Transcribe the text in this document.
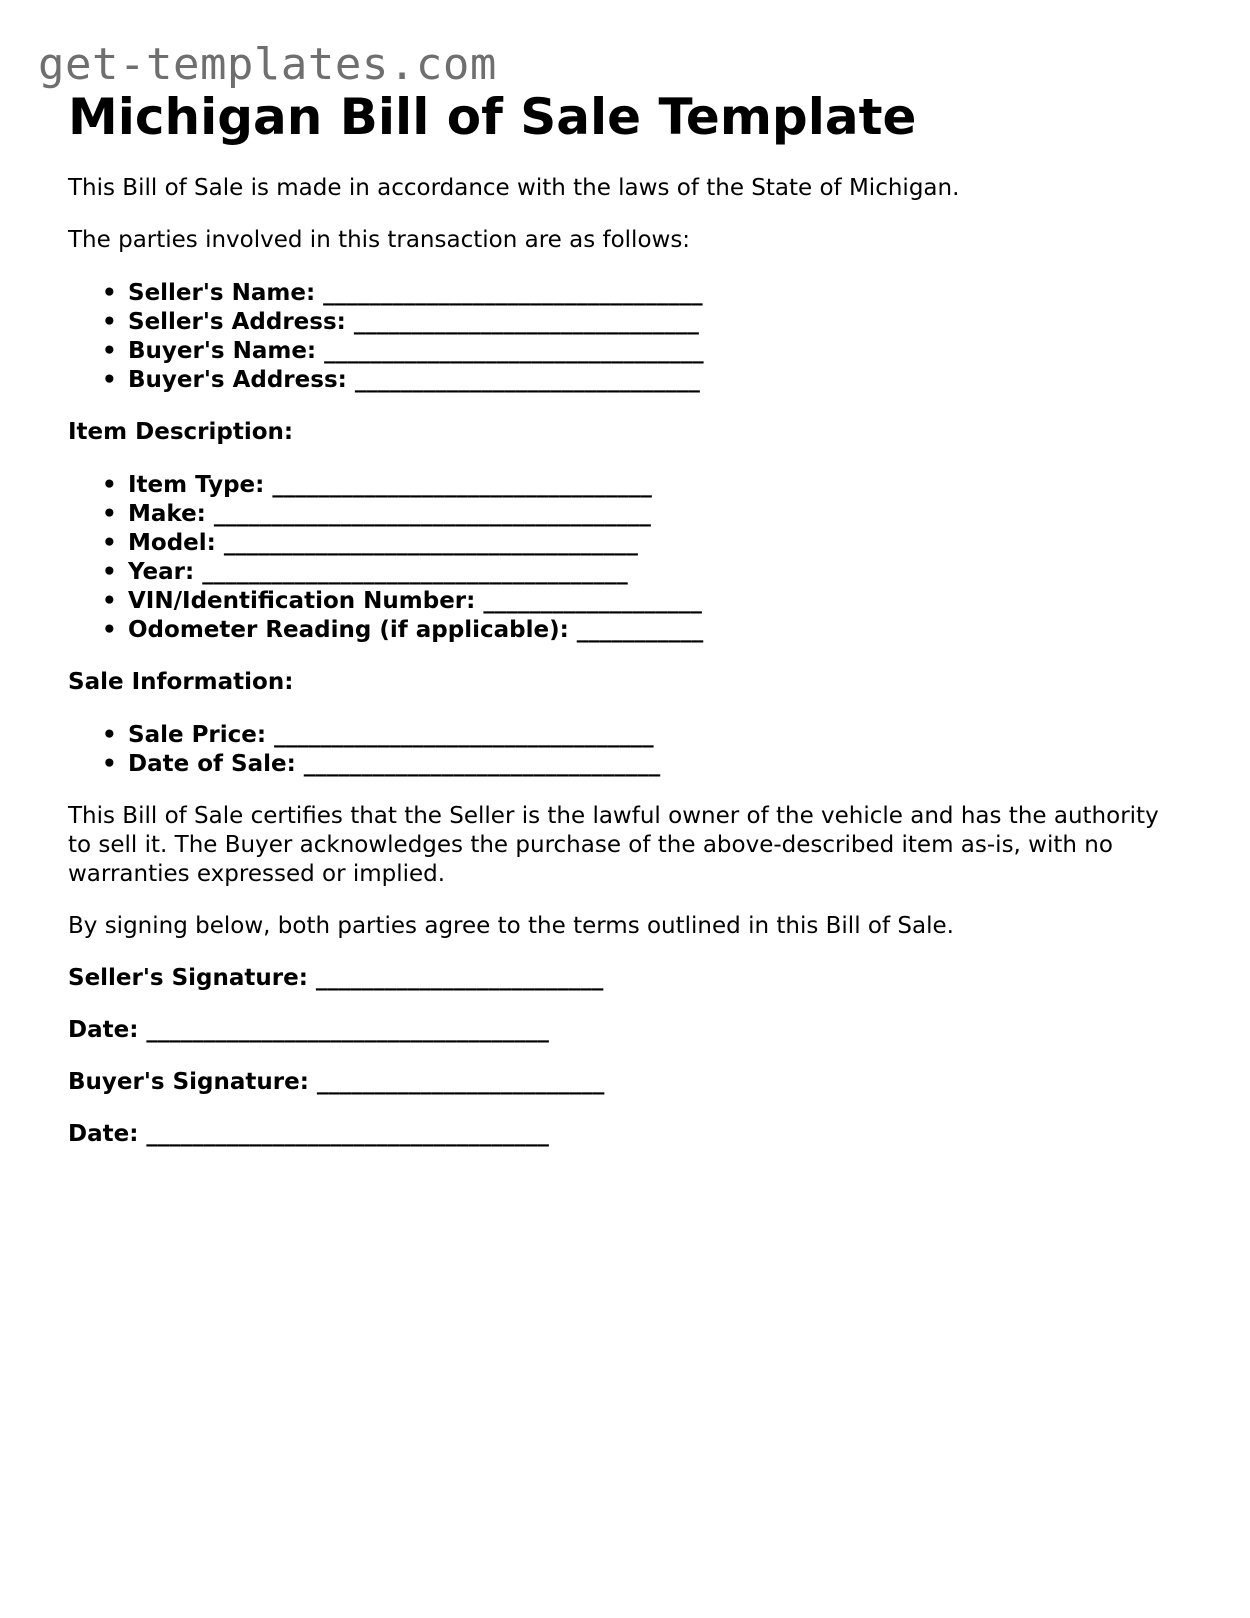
get-templates.com
Michigan Bill of Sale Template

This Bill of Sale is made in accordance with the laws of the State of Michigan.

The parties involved in this transaction are as follows:

• Seller's Name: _________________________________
• Seller's Address: ______________________________
• Buyer's Name: _________________________________
• Buyer's Address: ______________________________

Item Description:

• Item Type: _________________________________
• Make: ______________________________________
• Model: ____________________________________
• Year: _____________________________________
• VIN/Identification Number: ___________________
• Odometer Reading (if applicable): ___________

Sale Information:

• Sale Price: _________________________________
• Date of Sale: _______________________________

This Bill of Sale certifies that the Seller is the lawful owner of the vehicle and has the authority to sell it. The Buyer acknowledges the purchase of the above-described item as-is, with no warranties expressed or implied.

By signing below, both parties agree to the terms outlined in this Bill of Sale.

Seller's Signature: _________________________

Date: ___________________________________

Buyer's Signature: _________________________

Date: ___________________________________
